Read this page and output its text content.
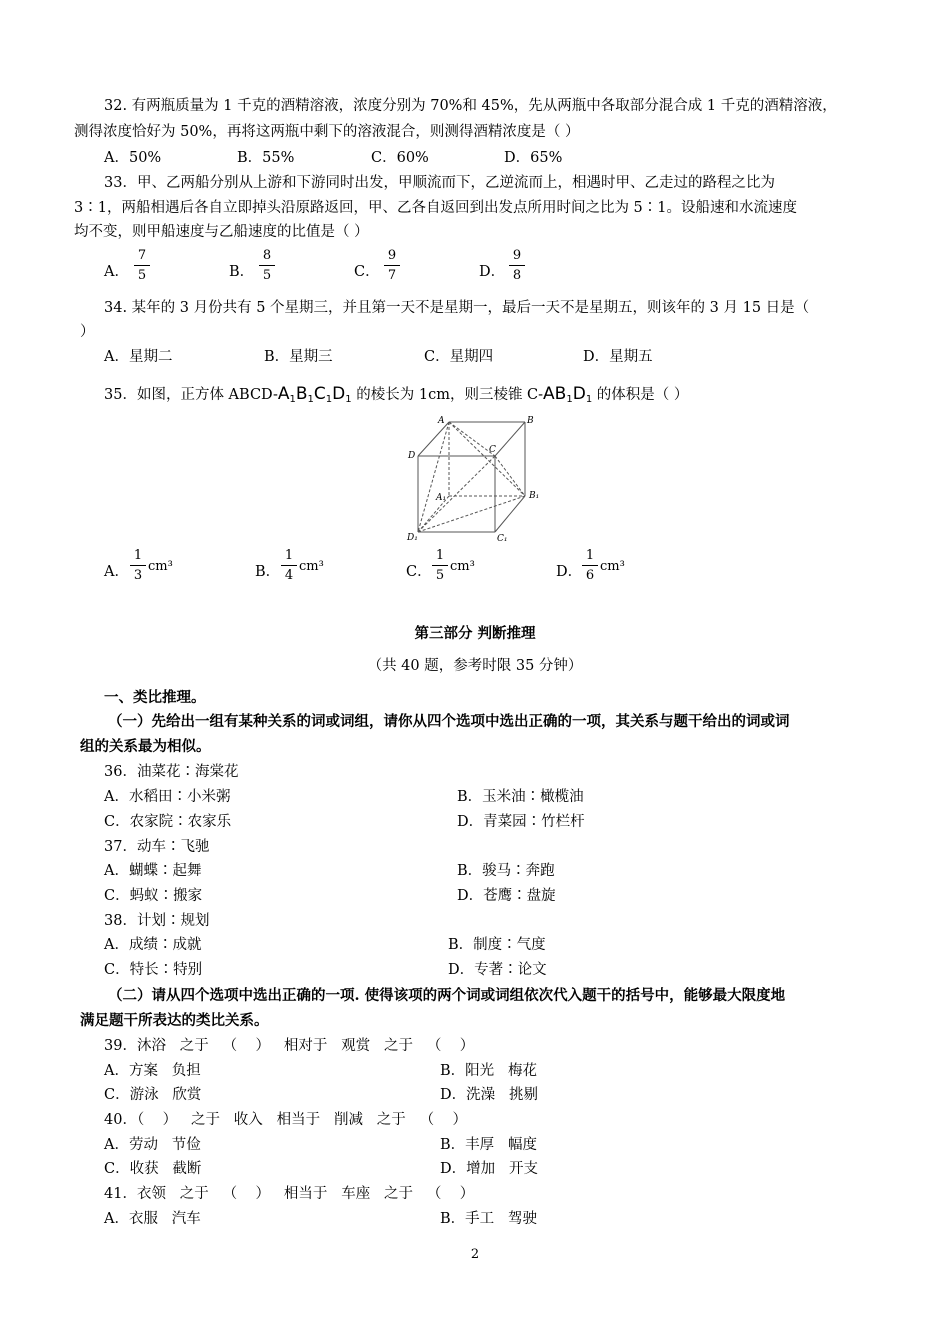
32. 有两瓶质量为 1 千克的酒精溶液，浓度分别为 70%和 45%，先从两瓶中各取部分混合成 1 千克的酒精溶液，
测得浓度恰好为 50%，再将这两瓶中剩下的溶液混合，则测得酒精浓度是（ ）
A．50%	B．55%	C．60%	D．65%
33．甲、乙两船分别从上游和下游同时出发，甲顺流而下，乙逆流而上，相遇时甲、乙走过的路程之比为
3∶1，两船相遇后各自立即掉头沿原路返回，甲、乙各自返回到出发点所用时间之比为 5∶1。设船速和水流速度
均不变，则甲船速度与乙船速度的比值是（ ）
A．
7
5	B．
8
5	C．
9
7	D．
9
8
34. 某年的 3 月份共有 5 个星期三，并且第一天不是星期一，最后一天不是星期五，则该年的 3 月 15 日是（
）
A．星期二	B．星期三	C．星期四	D．星期五
35．如图，正方体 ABCD-$A_1B_1C_1D_1$ 的棱长为 1cm，则三棱锥 $C-AB_1D_1$ 的体积是（ ）
A	B
C
D
A₁	B₁
C₁
D₁
A．
1
3
cm³	B．
1
4
cm³	C．
1
5
cm³	D．
1
6
cm³
第三部分 判断推理
（共 40 题，参考时限 35 分钟）
一、类比推理。
（一）先给出一组有某种关系的词或词组，请你从四个选项中选出正确的一项，其关系与题干给出的词或词
组的关系最为相似。
36．油菜花∶海棠花
A．水稻田∶小米粥	B．玉米油∶橄榄油
C．农家院∶农家乐	D．青菜园∶竹栏杆
37．动车∶飞驰
A．蝴蝶∶起舞	B．骏马∶奔跑
C．蚂蚁∶搬家	D．苍鹰∶盘旋
38．计划∶规划
A．成绩∶成就	B．制度∶气度
C．特长∶特别	D．专著∶论文
（二）请从四个选项中选出正确的一项. 使得该项的两个词或词组依次代入题干的括号中，能够最大限度地
满足题干所表达的类比关系。
39．沐浴   之于   （    ）   相对于   观赏   之于   （    ）
A．方案   负担	B．阳光   梅花
C．游泳   欣赏	D．洗澡   挑剔
40．（    ）   之于   收入   相当于   削减   之于   （    ）
A．劳动   节俭	B．丰厚   幅度
C．收获   截断	D．增加   开支
41．衣领   之于   （    ）   相当于   车座   之于   （    ）
A．衣服   汽车	B．手工   驾驶
2
